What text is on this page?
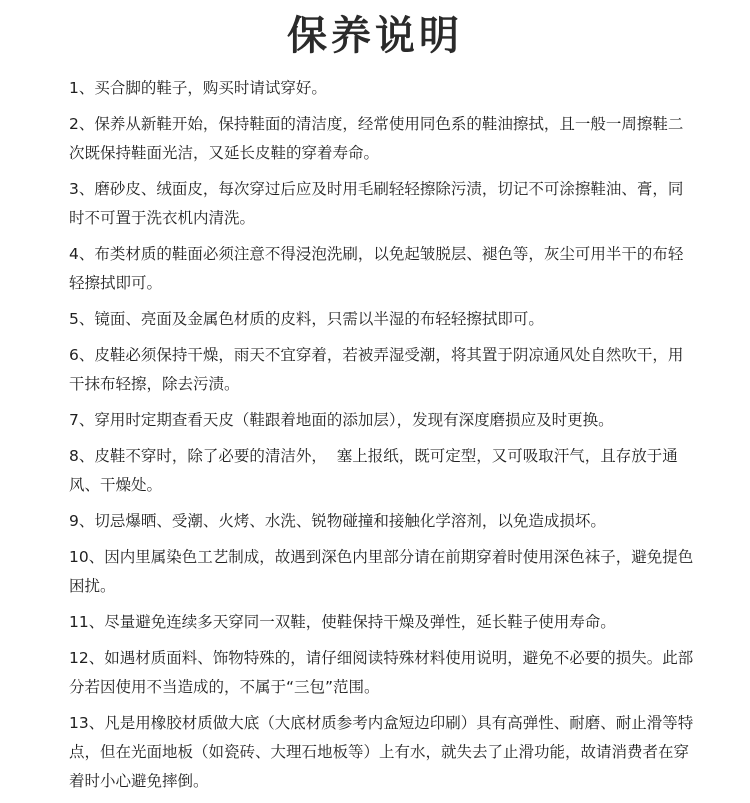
保养说明
1、买合脚的鞋子，购买时请试穿好。
2、保养从新鞋开始，保持鞋面的清洁度，经常使用同色系的鞋油擦拭，且一般一周擦鞋二次既保持鞋面光洁，又延长皮鞋的穿着寿命。
3、磨砂皮、绒面皮，每次穿过后应及时用毛刷轻轻擦除污渍，切记不可涂擦鞋油、膏，同时不可置于洗衣机内清洗。
4、布类材质的鞋面必须注意不得浸泡洗刷，以免起皱脱层、褪色等，灰尘可用半干的布轻轻擦拭即可。
5、镜面、亮面及金属色材质的皮料，只需以半湿的布轻轻擦拭即可。
6、皮鞋必须保持干燥，雨天不宜穿着，若被弄湿受潮，将其置于阴凉通风处自然吹干，用干抹布轻擦，除去污渍。
7、穿用时定期查看天皮（鞋跟着地面的添加层），发现有深度磨损应及时更换。
8、皮鞋不穿时，除了必要的清洁外，  塞上报纸，既可定型，又可吸取汗气，且存放于通风、干燥处。
9、切忌爆晒、受潮、火烤、水洗、锐物碰撞和接触化学溶剂，以免造成损坏。
10、因内里属染色工艺制成，故遇到深色内里部分请在前期穿着时使用深色袜子，避免提色困扰。
11、尽量避免连续多天穿同一双鞋，使鞋保持干燥及弹性，延长鞋子使用寿命。
12、如遇材质面料、饰物特殊的，请仔细阅读特殊材料使用说明，避免不必要的损失。此部分若因使用不当造成的，不属于“三包”范围。
13、凡是用橡胶材质做大底（大底材质参考内盒短边印刷）具有高弹性、耐磨、耐止滑等特点，但在光面地板（如瓷砖、大理石地板等）上有水，就失去了止滑功能，故请消费者在穿着时小心避免摔倒。
